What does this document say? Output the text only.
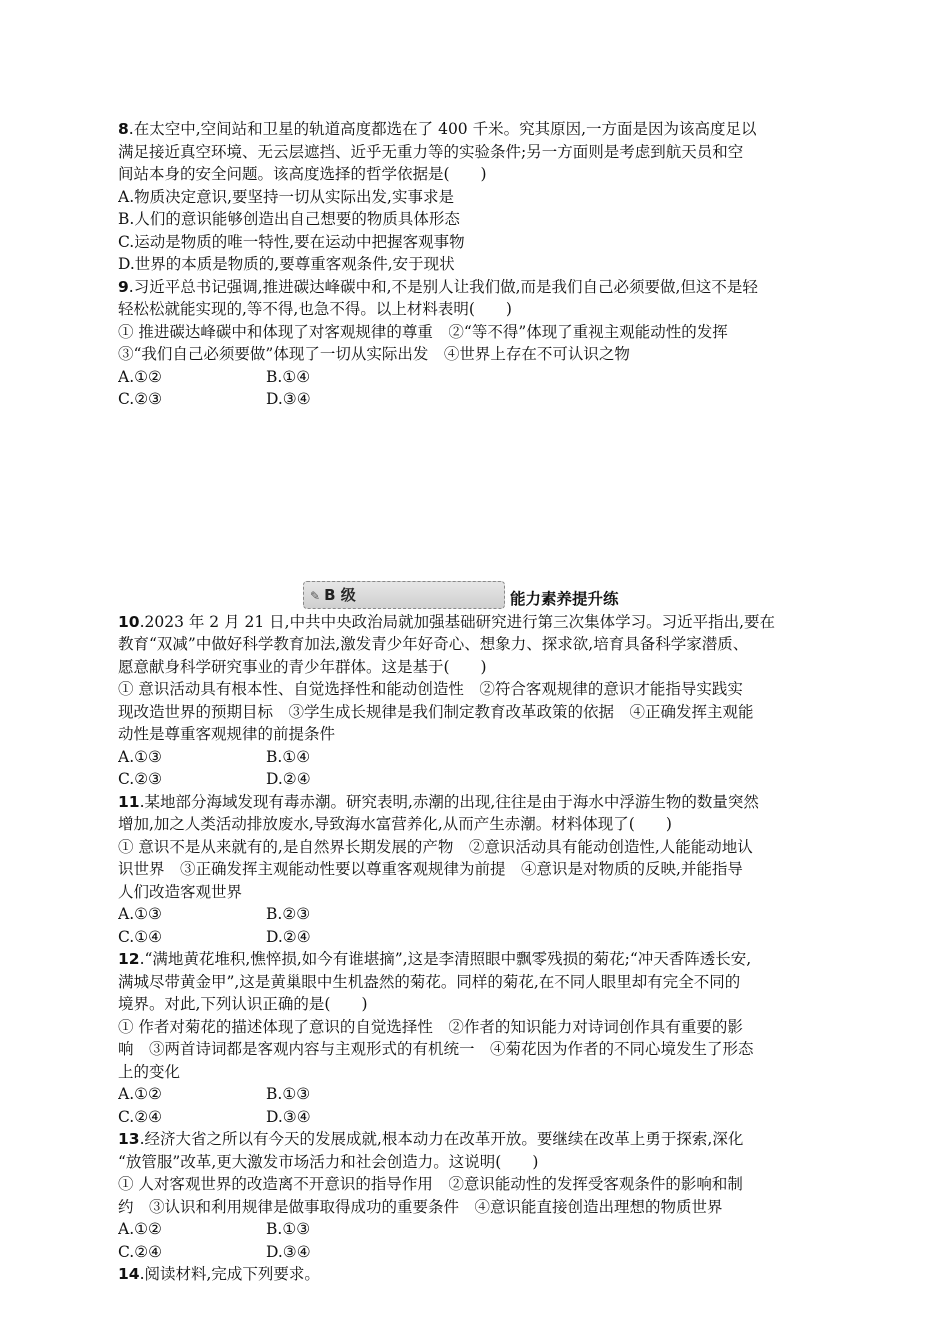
8.在太空中,空间站和卫星的轨道高度都选在了 400 千米。究其原因,一方面是因为该高度足以
满足接近真空环境、无云层遮挡、近乎无重力等的实验条件;另一方面则是考虑到航天员和空
间站本身的安全问题。该高度选择的哲学依据是(　　)
A.物质决定意识,要坚持一切从实际出发,实事求是
B.人们的意识能够创造出自己想要的物质具体形态
C.运动是物质的唯一特性,要在运动中把握客观事物
D.世界的本质是物质的,要尊重客观条件,安于现状
9.习近平总书记强调,推进碳达峰碳中和,不是别人让我们做,而是我们自己必须要做,但这不是轻
轻松松就能实现的,等不得,也急不得。以上材料表明(　　)
① 推进碳达峰碳中和体现了对客观规律的尊重　②“等不得”体现了重视主观能动性的发挥
③“我们自己必须要做”体现了一切从实际出发　④世界上存在不可认识之物
A.①②	B.①④
C.②③	D.③④
✎ B 级	能力素养提升练
10.2023 年 2 月 21 日,中共中央政治局就加强基础研究进行第三次集体学习。习近平指出,要在
教育“双减”中做好科学教育加法,激发青少年好奇心、想象力、探求欲,培育具备科学家潜质、
愿意献身科学研究事业的青少年群体。这是基于(　　)
① 意识活动具有根本性、自觉选择性和能动创造性　②符合客观规律的意识才能指导实践实
现改造世界的预期目标　③学生成长规律是我们制定教育改革政策的依据　④正确发挥主观能
动性是尊重客观规律的前提条件
A.①③	B.①④
C.②③	D.②④
11.某地部分海域发现有毒赤潮。研究表明,赤潮的出现,往往是由于海水中浮游生物的数量突然
增加,加之人类活动排放废水,导致海水富营养化,从而产生赤潮。材料体现了(　　)
① 意识不是从来就有的,是自然界长期发展的产物　②意识活动具有能动创造性,人能能动地认
识世界　③正确发挥主观能动性要以尊重客观规律为前提　④意识是对物质的反映,并能指导
人们改造客观世界
A.①③	B.②③
C.①④	D.②④
12.“满地黄花堆积,憔悴损,如今有谁堪摘”,这是李清照眼中飘零残损的菊花;“冲天香阵透长安,
满城尽带黄金甲”,这是黄巢眼中生机盎然的菊花。同样的菊花,在不同人眼里却有完全不同的
境界。对此,下列认识正确的是(　　)
① 作者对菊花的描述体现了意识的自觉选择性　②作者的知识能力对诗词创作具有重要的影
响　③两首诗词都是客观内容与主观形式的有机统一　④菊花因为作者的不同心境发生了形态
上的变化
A.①②	B.①③
C.②④	D.③④
13.经济大省之所以有今天的发展成就,根本动力在改革开放。要继续在改革上勇于探索,深化
“放管服”改革,更大激发市场活力和社会创造力。这说明(　　)
① 人对客观世界的改造离不开意识的指导作用　②意识能动性的发挥受客观条件的影响和制
约　③认识和利用规律是做事取得成功的重要条件　④意识能直接创造出理想的物质世界
A.①②	B.①③
C.②④	D.③④
14.阅读材料,完成下列要求。
